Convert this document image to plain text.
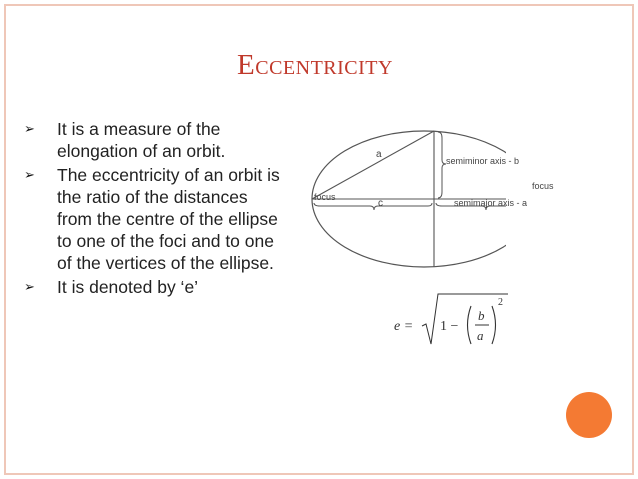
Eccentricity
➢ It is a measure of the elongation of an orbit.
➢ The eccentricity of an orbit is the ratio of the distances from the centre of the ellipse to one of the foci and to one of the vertices of the ellipse.
➢ It is denoted by ‘e’
a
semiminor axis - b
focus
focus
c	semimajor axis - a
e = 1 −
b
a
2
